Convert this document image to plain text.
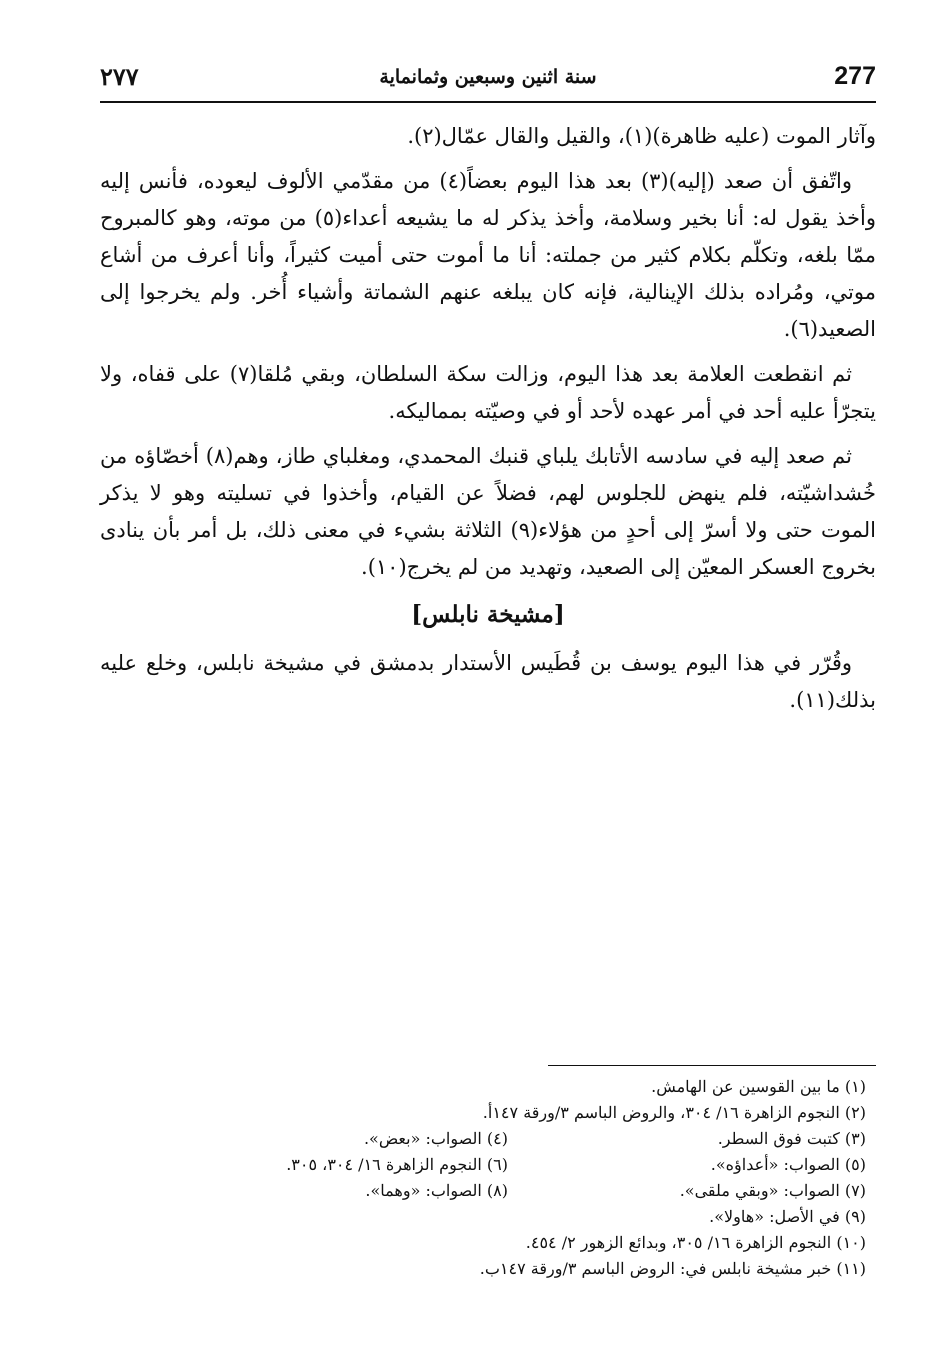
٢٧٧	سنة اثنين وسبعين وثمانماية	277

وآثار الموت (عليه ظاهرة)(١)، والقيل والقال عمّال(٢).

واتّفق أن صعد (إليه)(٣) بعد هذا اليوم بعضاً(٤) من مقدّمي الألوف ليعوده، فأنس إليه وأخذ يقول له: أنا بخير وسلامة، وأخذ يذكر له ما يشيعه أعداء(٥) من موته، وهو كالمبروح ممّا بلغه، وتكلّم بكلام كثير من جملته: أنا ما أموت حتى أميت كثيراً، وأنا أعرف من أشاع موتي، ومُراده بذلك الإينالية، فإنه كان يبلغه عنهم الشماتة وأشياء أُخر. ولم يخرجوا إلى الصعيد(٦).

ثم انقطعت العلامة بعد هذا اليوم، وزالت سكة السلطان، وبقي مُلقا(٧) على قفاه، ولا يتجرّأ عليه أحد في أمر عهده لأحد أو في وصيّته بمماليكه.

ثم صعد إليه في سادسه الأتابك يلباي قنبك المحمدي، ومغلباي طاز، وهم(٨) أخصّاؤه من خُشداشيّته، فلم ينهض للجلوس لهم، فضلاً عن القيام، وأخذوا في تسليته وهو لا يذكر الموت حتى ولا أسرّ إلى أحدٍ من هؤلاء(٩) الثلاثة بشيء في معنى ذلك، بل أمر بأن ينادى بخروج العسكر المعيّن إلى الصعيد، وتهديد من لم يخرج(١٠).

[مشيخة نابلس]

وقُرّر في هذا اليوم يوسف بن قُطَيس الأستدار بدمشق في مشيخة نابلس، وخلع عليه بذلك(١١).

(١) ما بين القوسين عن الهامش.
(٢) النجوم الزاهرة ١٦/ ٣٠٤، والروض الباسم ٣/ورقة ١٤٧أ.
(٣) كتبت فوق السطر.
(٤) الصواب: «بعض».
(٥) الصواب: «أعداؤه».
(٦) النجوم الزاهرة ١٦/ ٣٠٤، ٣٠٥.
(٧) الصواب: «وبقي ملقى».
(٨) الصواب: «وهما».
(٩) في الأصل: «هاولا».
(١٠) النجوم الزاهرة ١٦/ ٣٠٥، وبدائع الزهور ٢/ ٤٥٤.
(١١) خبر مشيخة نابلس في: الروض الباسم ٣/ورقة ١٤٧ب.
